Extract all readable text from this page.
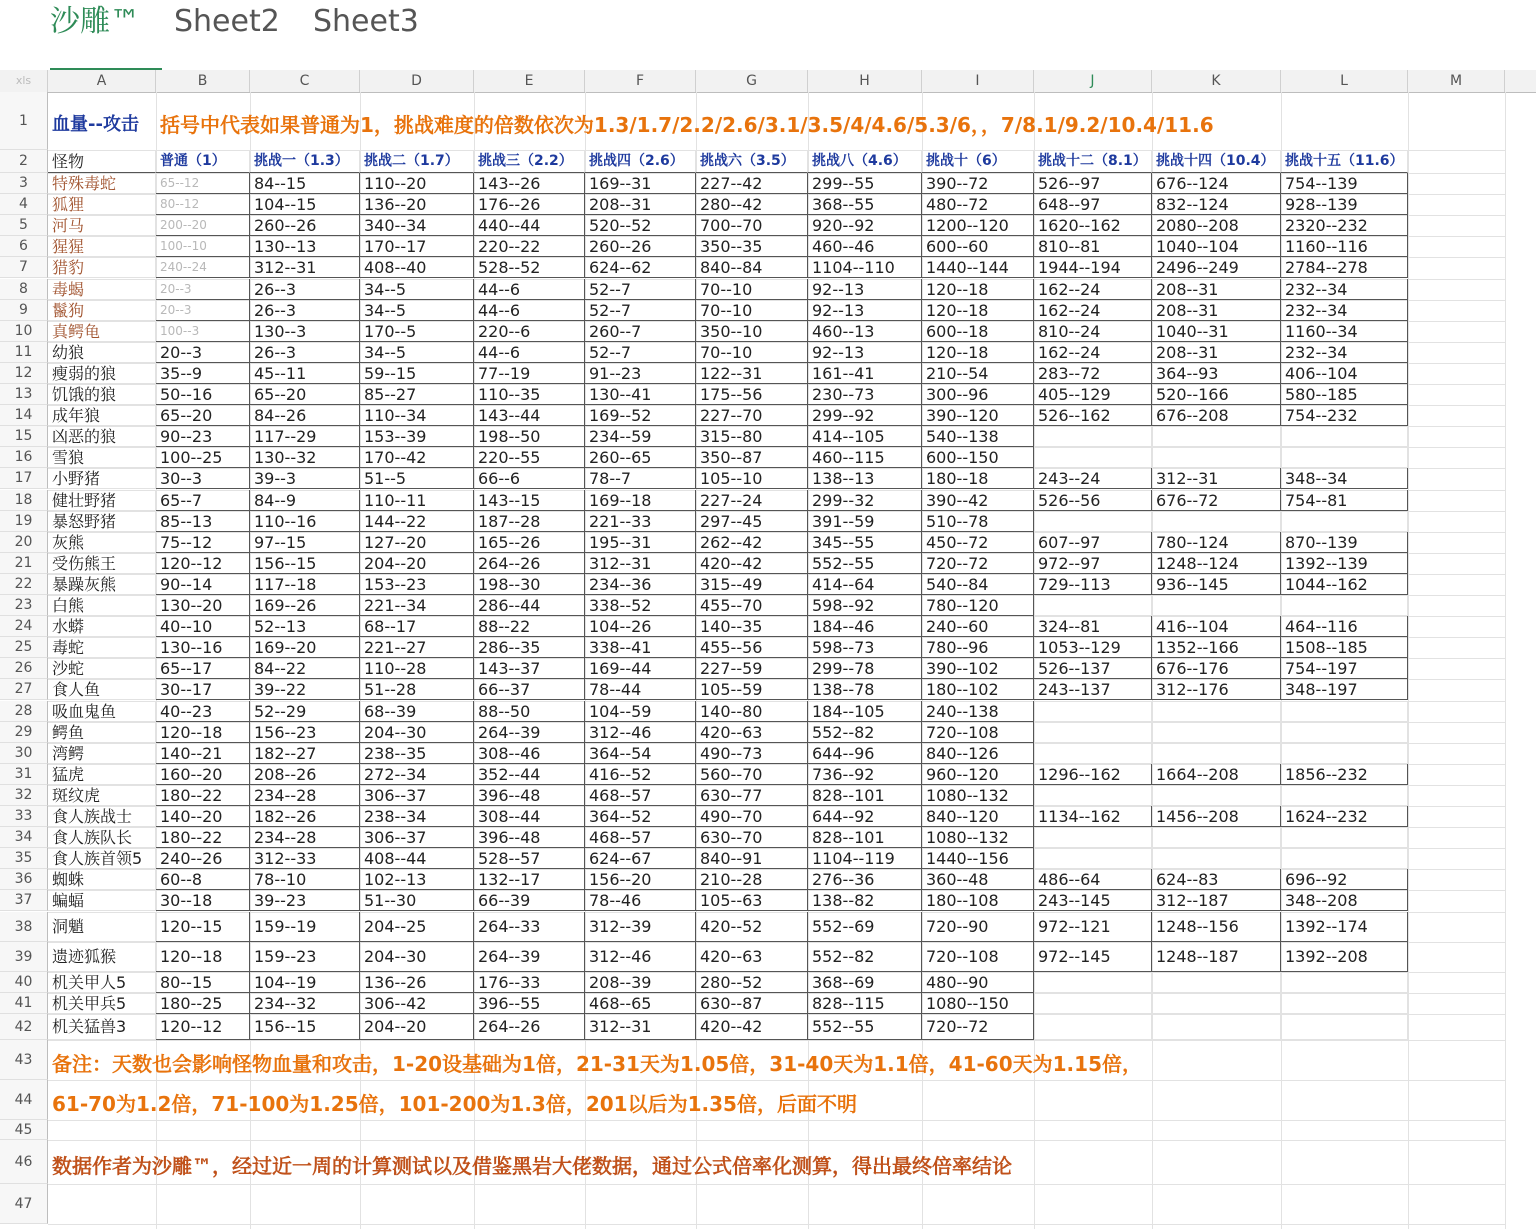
沙雕™	Sheet2 Sheet3
xls	A	B	C	D	E	F	G	H	I	J	K	L	M
1
2
3
4
5
6
7
8
9
10
11
12
13
14
15
16
17
18
19
20
21
22
23
24
25
26
27
28
29
30
31
32
33
34
35
36
37
38
39
40
41
42
43
44
45
46
47
血量--攻击 括号中代表如果普通为1，挑战难度的倍数依次为1.3/1.7/2.2/2.6/3.1/3.5/4/4.6/5.3/6，，7/8.1/9.2/10.4/11.6
怪物	普通（1）	挑战一（1.3）	挑战二（1.7）	挑战三（2.2）	挑战四（2.6）	挑战六（3.5）	挑战八（4.6）	挑战十（6）	挑战十二（8.1） 挑战十四（10.4） 挑战十五（11.6）
特殊毒蛇	65--12	84--15	110--20	143--26	169--31	227--42	299--55	390--72	526--97	676--124	754--139
狐狸	80--12	104--15	136--20	176--26	208--31	280--42	368--55	480--72	648--97	832--124	928--139
河马	200--20	260--26	340--34	440--44	520--52	700--70	920--92	1200--120	1620--162	2080--208	2320--232
猩猩	100--10	130--13	170--17	220--22	260--26	350--35	460--46	600--60	810--81	1040--104	1160--116
猎豹	240--24	312--31	408--40	528--52	624--62	840--84	1104--110	1440--144	1944--194	2496--249	2784--278
毒蝎	20--3	26--3	34--5	44--6	52--7	70--10	92--13	120--18	162--24	208--31	232--34
鬣狗	20--3	26--3	34--5	44--6	52--7	70--10	92--13	120--18	162--24	208--31	232--34
真鳄龟	100--3	130--3	170--5	220--6	260--7	350--10	460--13	600--18	810--24	1040--31	1160--34
幼狼	20--3	26--3	34--5	44--6	52--7	70--10	92--13	120--18	162--24	208--31	232--34
瘦弱的狼	35--9	45--11	59--15	77--19	91--23	122--31	161--41	210--54	283--72	364--93	406--104
饥饿的狼	50--16	65--20	85--27	110--35	130--41	175--56	230--73	300--96	405--129	520--166	580--185
成年狼	65--20	84--26	110--34	143--44	169--52	227--70	299--92	390--120	526--162	676--208	754--232
凶恶的狼	90--23	117--29	153--39	198--50	234--59	315--80	414--105	540--138
雪狼	100--25	130--32	170--42	220--55	260--65	350--87	460--115	600--150
小野猪	30--3	39--3	51--5	66--6	78--7	105--10	138--13	180--18	243--24	312--31	348--34
健壮野猪	65--7	84--9	110--11	143--15	169--18	227--24	299--32	390--42	526--56	676--72	754--81
暴怒野猪	85--13	110--16	144--22	187--28	221--33	297--45	391--59	510--78
灰熊	75--12	97--15	127--20	165--26	195--31	262--42	345--55	450--72	607--97	780--124	870--139
受伤熊王	120--12	156--15	204--20	264--26	312--31	420--42	552--55	720--72	972--97	1248--124	1392--139
暴躁灰熊	90--14	117--18	153--23	198--30	234--36	315--49	414--64	540--84	729--113	936--145	1044--162
白熊	130--20	169--26	221--34	286--44	338--52	455--70	598--92	780--120
水蟒	40--10	52--13	68--17	88--22	104--26	140--35	184--46	240--60	324--81	416--104	464--116
毒蛇	130--16	169--20	221--27	286--35	338--41	455--56	598--73	780--96	1053--129	1352--166	1508--185
沙蛇	65--17	84--22	110--28	143--37	169--44	227--59	299--78	390--102	526--137	676--176	754--197
食人鱼	30--17	39--22	51--28	66--37	78--44	105--59	138--78	180--102	243--137	312--176	348--197
吸血鬼鱼	40--23	52--29	68--39	88--50	104--59	140--80	184--105	240--138
鳄鱼	120--18	156--23	204--30	264--39	312--46	420--63	552--82	720--108
湾鳄	140--21	182--27	238--35	308--46	364--54	490--73	644--96	840--126
猛虎	160--20	208--26	272--34	352--44	416--52	560--70	736--92	960--120	1296--162	1664--208	1856--232
斑纹虎	180--22	234--28	306--37	396--48	468--57	630--77	828--101	1080--132
食人族战士	140--20	182--26	238--34	308--44	364--52	490--70	644--92	840--120	1134--162	1456--208	1624--232
食人族队长	180--22	234--28	306--37	396--48	468--57	630--70	828--101	1080--132
食人族首领5	240--26	312--33	408--44	528--57	624--67	840--91	1104--119	1440--156
蜘蛛	60--8	78--10	102--13	132--17	156--20	210--28	276--36	360--48	486--64	624--83	696--92
蝙蝠	30--18	39--23	51--30	66--39	78--46	105--63	138--82	180--108	243--145	312--187	348--208
洞魈	120--15	159--19	204--25	264--33	312--39	420--52	552--69	720--90	972--121	1248--156	1392--174
遗迹狐猴	120--18	159--23	204--30	264--39	312--46	420--63	552--82	720--108	972--145	1248--187	1392--208
机关甲人5	80--15	104--19	136--26	176--33	208--39	280--52	368--69	480--90
机关甲兵5	180--25	234--32	306--42	396--55	468--65	630--87	828--115	1080--150
机关猛兽3	120--12	156--15	204--20	264--26	312--31	420--42	552--55	720--72
备注：天数也会影响怪物血量和攻击，1-20设基础为1倍，21-31天为1.05倍，31-40天为1.1倍，41-60天为1.15倍，
61-70为1.2倍，71-100为1.25倍，101-200为1.3倍，201以后为1.35倍，后面不明
数据作者为沙雕™，经过近一周的计算测试以及借鉴黑岩大佬数据，通过公式倍率化测算，得出最终倍率结论
